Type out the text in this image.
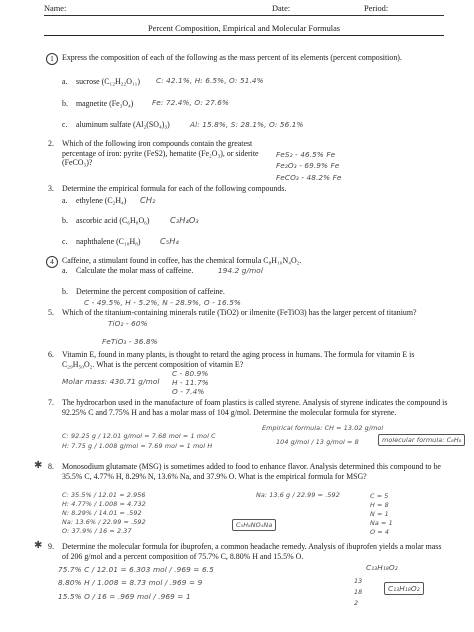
Name:	Date:	Period:
Percent Composition, Empirical and Molecular Formulas
1	Express the composition of each of the following as the mass percent of its elements (percent composition).
a. sucrose (C₁₂H₂₂O₁₁) C: 42.1%, H: 6.5%, O: 51.4%
b. magnetite (Fe₃O₄)	Fe: 72.4%, O: 27.6%
c. aluminum sulfate (Al₂(SO₄)₃)	Al: 15.8%, S: 28.1%, O: 56.1%
2. Which of the following iron compounds contain the greatest percentage of iron: pyrite (FeS2), hematite (Fe₂O₃), or siderite (FeCO₃)?
FeS₂ - 46.5% Fe
Fe₂O₃ - 69.9% Fe
FeCO₃ - 48.2% Fe
3. Determine the empirical formula for each of the following compounds.
a. ethylene (C₂H₄) CH₂
b. ascorbic acid (C₆H₈O₆) C₃H₄O₃
c. naphthalene (C₁₀H₈) C₅H₄
4	Caffeine, a stimulant found in coffee, has the chemical formula C₈H₁₀N₄O₂.
a. Calculate the molar mass of caffeine.	194.2 g/mol
b. Determine the percent composition of caffeine.
C - 49.5%, H - 5.2%, N - 28.9%, O - 16.5%
5. Which of the titanium-containing minerals rutile (TiO2) or ilmenite (FeTiO3) has the larger percent of titanium?
TiO₂ - 60%
FeTiO₃ - 36.8%
6. Vitamin E, found in many plants, is thought to retard the aging process in humans. The formula for vitamin E is C₂₉H₅₀O₂. What is the percent composition of vitamin E?
Molar mass: 430.71 g/mol
C - 80.9%
H - 11.7%
O - 7.4%
7. The hydrocarbon used in the manufacture of foam plastics is called styrene. Analysis of styrene indicates the compound is 92.25% C and 7.75% H and has a molar mass of 104 g/mol. Determine the molecular formula for styrene.
C: 92.25 g / 12.01 g/mol = 7.68 mol = 1 mol C
H: 7.75 g / 1.008 g/mol = 7.69 mol = 1 mol H
Empirical formula: CH = 13.02 g/mol
104 g/mol / 13 g/mol = 8	molecular formula: C₈H₈
✱ 8. Monosodium glutamate (MSG) is sometimes added to food to enhance flavor. Analysis determined this compound to be 35.5% C, 4.77% H, 8.29% N, 13.6% Na, and 37.9% O. What is the empirical formula for MSG?
C: 35.5% / 12.01 = 2.956
H: 4.77% / 1.008 = 4.732
N: 8.29% / 14.01 = .592
Na: 13.6% / 22.99 = .592
O: 37.9% / 16 = 2.37
C₅H₈NO₄Na
Na: 13.6 g / 22.99 = .592	C = 5
H = 8
N = 1
Na = 1
O = 4
✱ 9. Determine the molecular formula for ibuprofen, a common headache remedy. Analysis of ibuprofen yields a molar mass of 206 g/mol and a percent composition of 75.7% C, 8.80% H and 15.5% O.
75.7% C / 12.01 = 6.303 mol / .969 = 6.5
8.80% H / 1.008 = 8.73 mol / .969 = 9
15.5% O / 16 = .969 mol / .969 = 1
C₁₃H₁₈O₂
13
18
2
C₁₃H₁₈O₂
